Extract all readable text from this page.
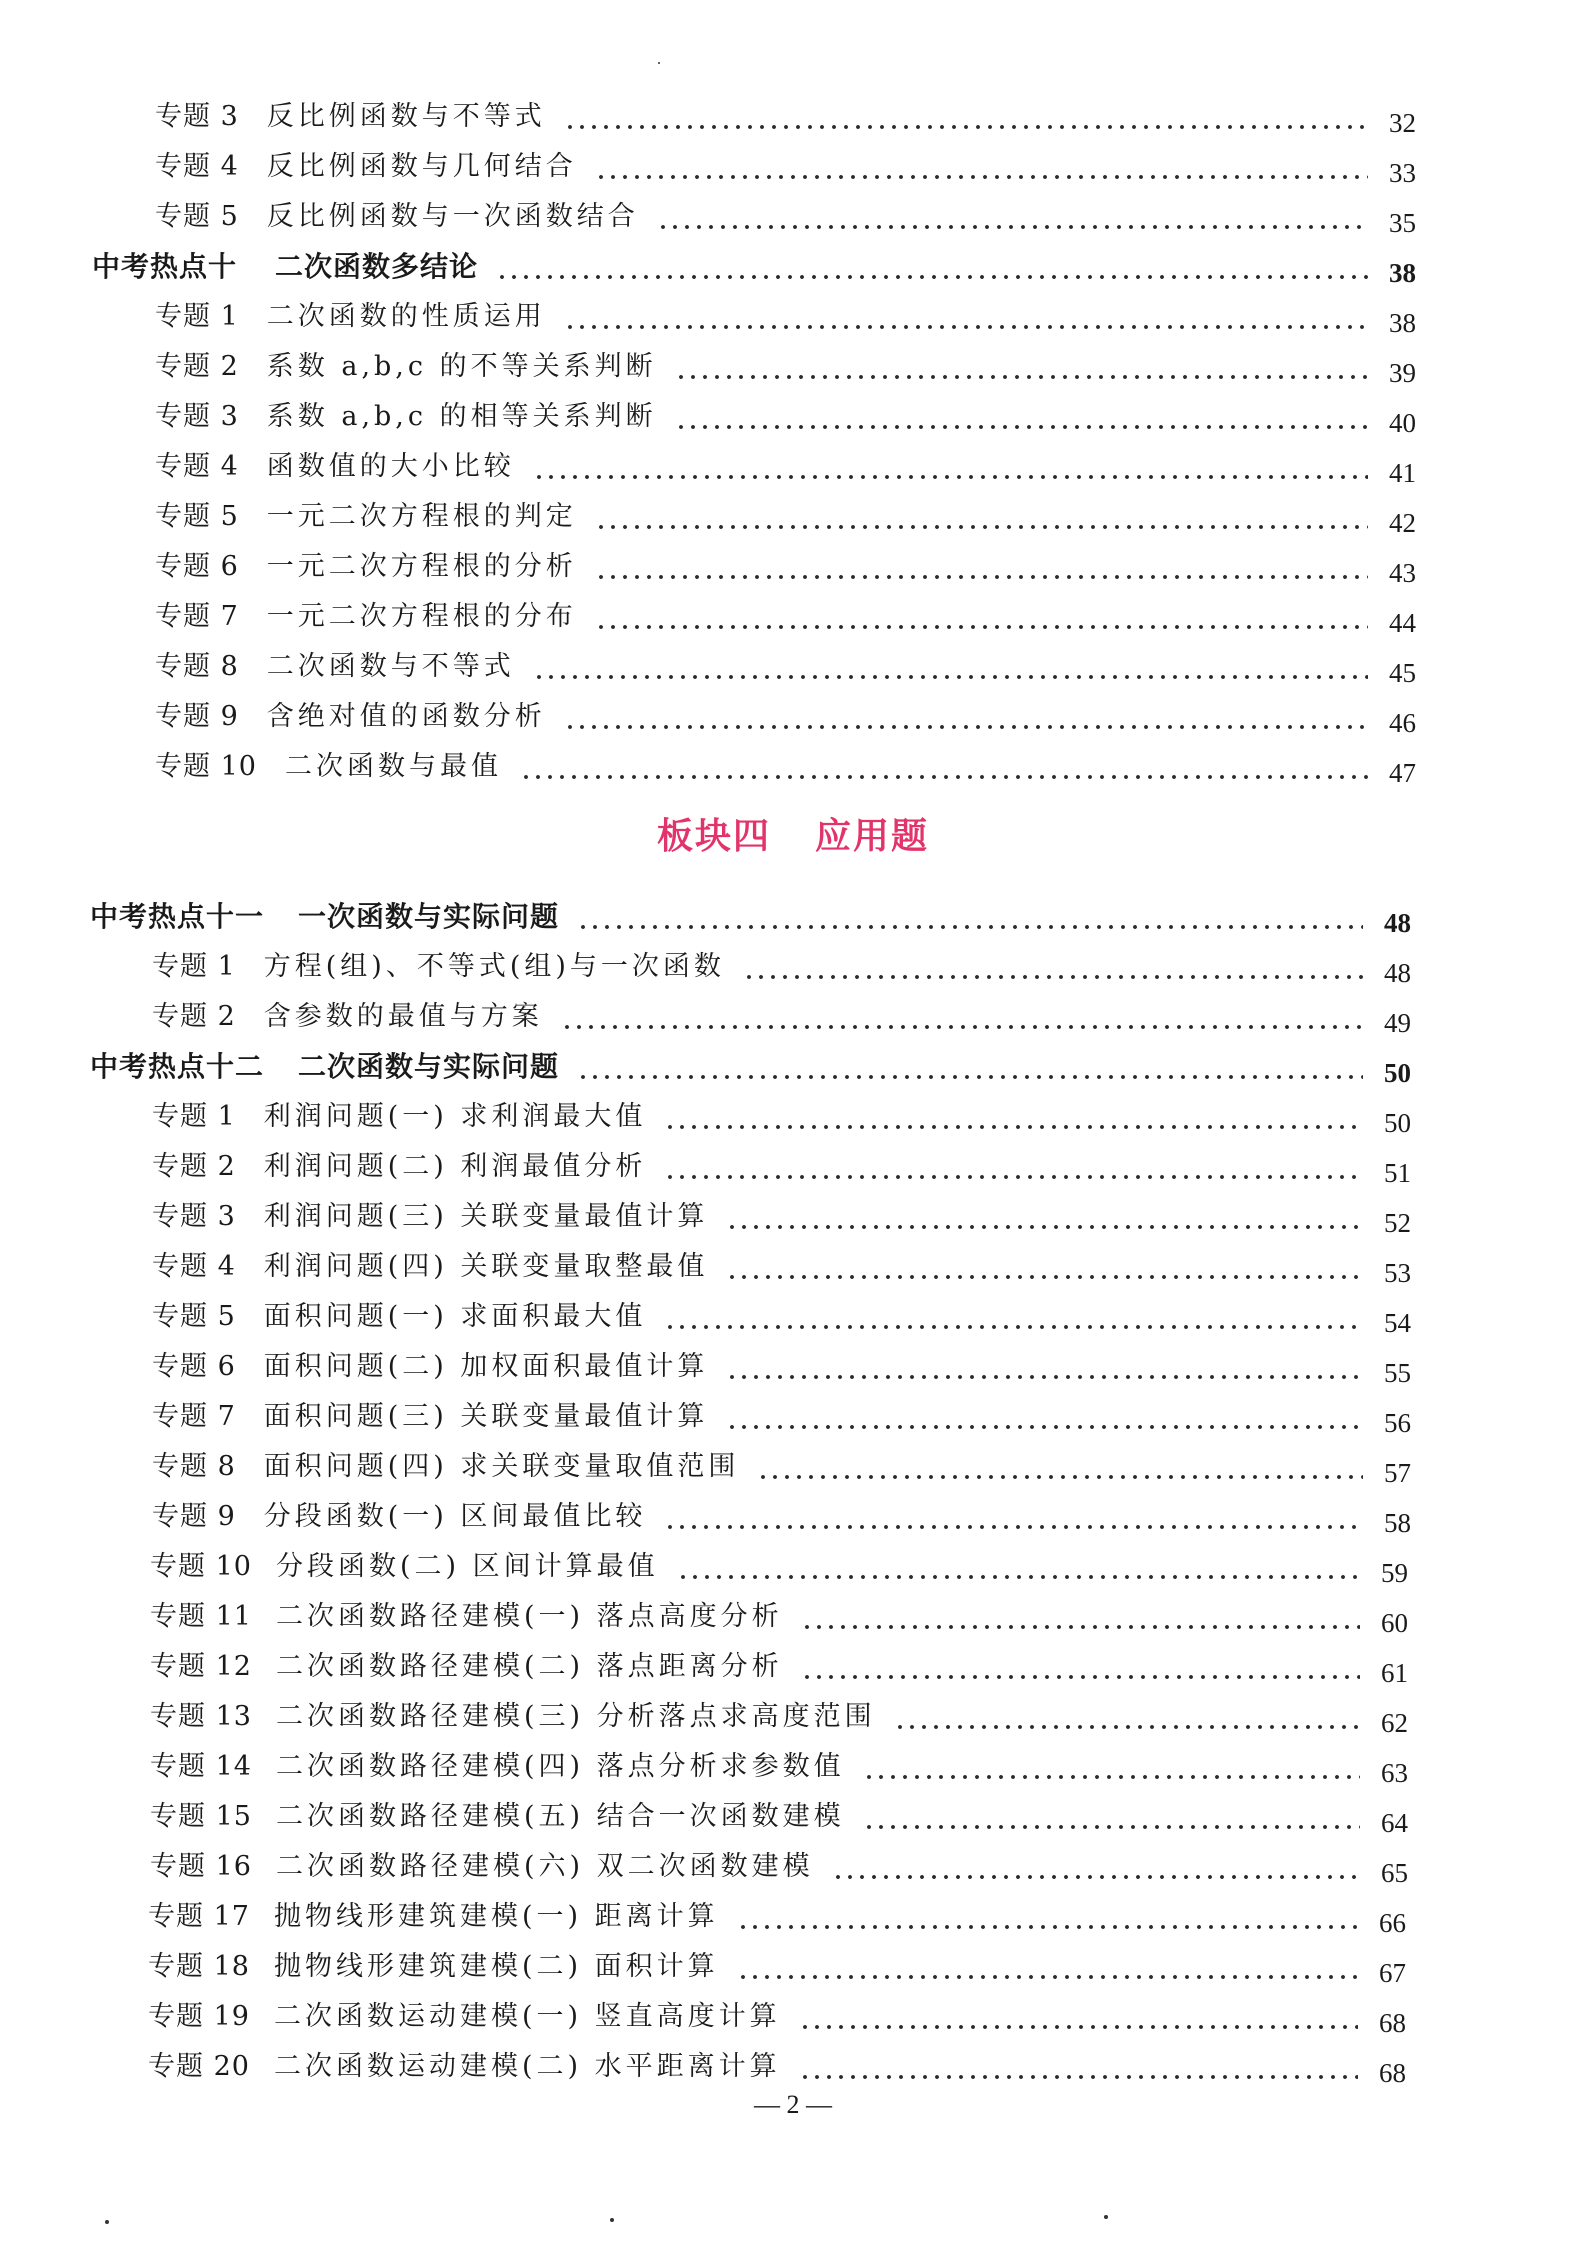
专题 3 反比例函数与不等式	32
专题 4 反比例函数与几何结合	33
专题 5 反比例函数与一次函数结合	35
中考热点十 二次函数多结论	38
专题 1 二次函数的性质运用	38
专题 2 系数 a,b,c 的不等关系判断	39
专题 3 系数 a,b,c 的相等关系判断	40
专题 4 函数值的大小比较	41
专题 5 一元二次方程根的判定	42
专题 6 一元二次方程根的分析	43
专题 7 一元二次方程根的分布	44
专题 8 二次函数与不等式	45
专题 9 含绝对值的函数分析	46
专题 10 二次函数与最值	47
板块四 应用题
中考热点十一 一次函数与实际问题	48
专题 1 方程(组)、不等式(组)与一次函数	48
专题 2 含参数的最值与方案	49
中考热点十二 二次函数与实际问题	50
专题 1 利润问题(一) 求利润最大值	50
专题 2 利润问题(二) 利润最值分析	51
专题 3 利润问题(三) 关联变量最值计算	52
专题 4 利润问题(四) 关联变量取整最值	53
专题 5 面积问题(一) 求面积最大值	54
专题 6 面积问题(二) 加权面积最值计算	55
专题 7 面积问题(三) 关联变量最值计算	56
专题 8 面积问题(四) 求关联变量取值范围	57
专题 9 分段函数(一) 区间最值比较	58
专题 10 分段函数(二) 区间计算最值	59
专题 11 二次函数路径建模(一) 落点高度分析	60
专题 12 二次函数路径建模(二) 落点距离分析	61
专题 13 二次函数路径建模(三) 分析落点求高度范围	62
专题 14 二次函数路径建模(四) 落点分析求参数值	63
专题 15 二次函数路径建模(五) 结合一次函数建模	64
专题 16 二次函数路径建模(六) 双二次函数建模	65
专题 17 抛物线形建筑建模(一) 距离计算	66
专题 18 抛物线形建筑建模(二) 面积计算	67
专题 19 二次函数运动建模(一) 竖直高度计算	68
专题 20 二次函数运动建模(二) 水平距离计算	68
— 2 —
